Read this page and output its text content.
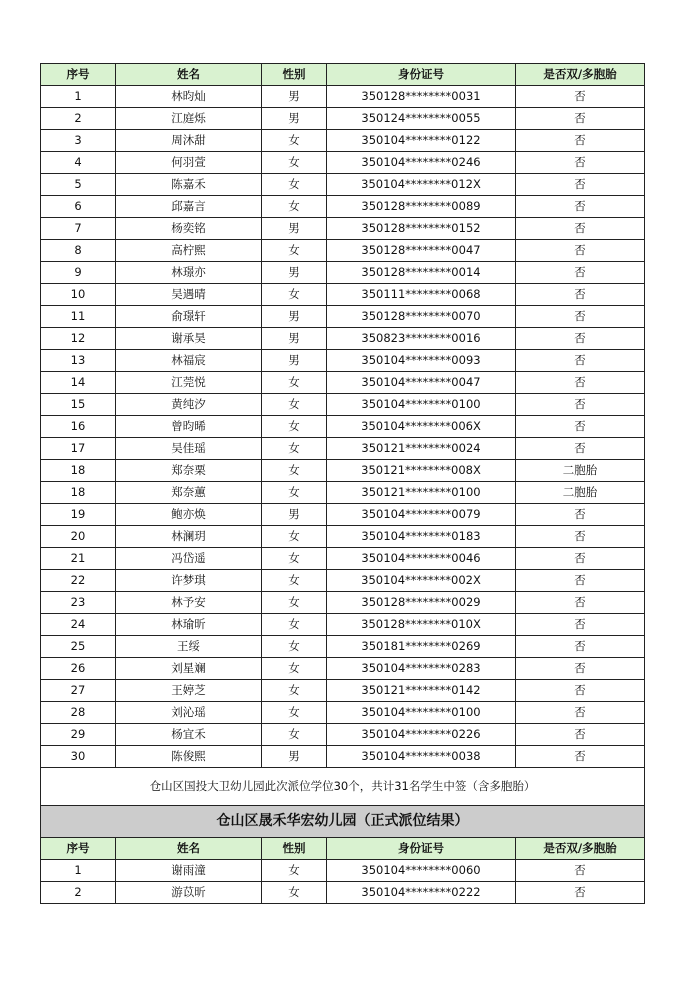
序号	姓名	性别	身份证号	是否双/多胞胎
1	林昀灿	男	350128********0031	否
2	江庭烁	男	350124********0055	否
3	周沐甜	女	350104********0122	否
4	何羽萱	女	350104********0246	否
5	陈嘉禾	女	350104********012X	否
6	邱嘉言	女	350128********0089	否
7	杨奕铭	男	350128********0152	否
8	高柠熙	女	350128********0047	否
9	林璟亦	男	350128********0014	否
10	吴遇晴	女	350111********0068	否
11	俞璟轩	男	350128********0070	否
12	谢承昊	男	350823********0016	否
13	林福宸	男	350104********0093	否
14	江莞悦	女	350104********0047	否
15	黄纯汐	女	350104********0100	否
16	曾昀晞	女	350104********006X	否
17	吴佳瑶	女	350121********0024	否
18	郑奈栗	女	350121********008X	二胞胎
18	郑奈蕙	女	350121********0100	二胞胎
19	鲍亦焕	男	350104********0079	否
20	林澜玥	女	350104********0183	否
21	冯岱遥	女	350104********0046	否
22	许梦琪	女	350104********002X	否
23	林予安	女	350128********0029	否
24	林瑜昕	女	350128********010X	否
25	王绥	女	350181********0269	否
26	刘星斓	女	350104********0283	否
27	王婷芝	女	350121********0142	否
28	刘沁瑶	女	350104********0100	否
29	杨宜禾	女	350104********0226	否
30	陈俊熙	男	350104********0038	否
仓山区国投大卫幼儿园此次派位学位30个，共计31名学生中签（含多胞胎）				
仓山区晟禾华宏幼儿园（正式派位结果）				
序号	姓名	性别	身份证号	是否双/多胞胎
1	谢雨潼	女	350104********0060	否
2	游苡昕	女	350104********0222	否
